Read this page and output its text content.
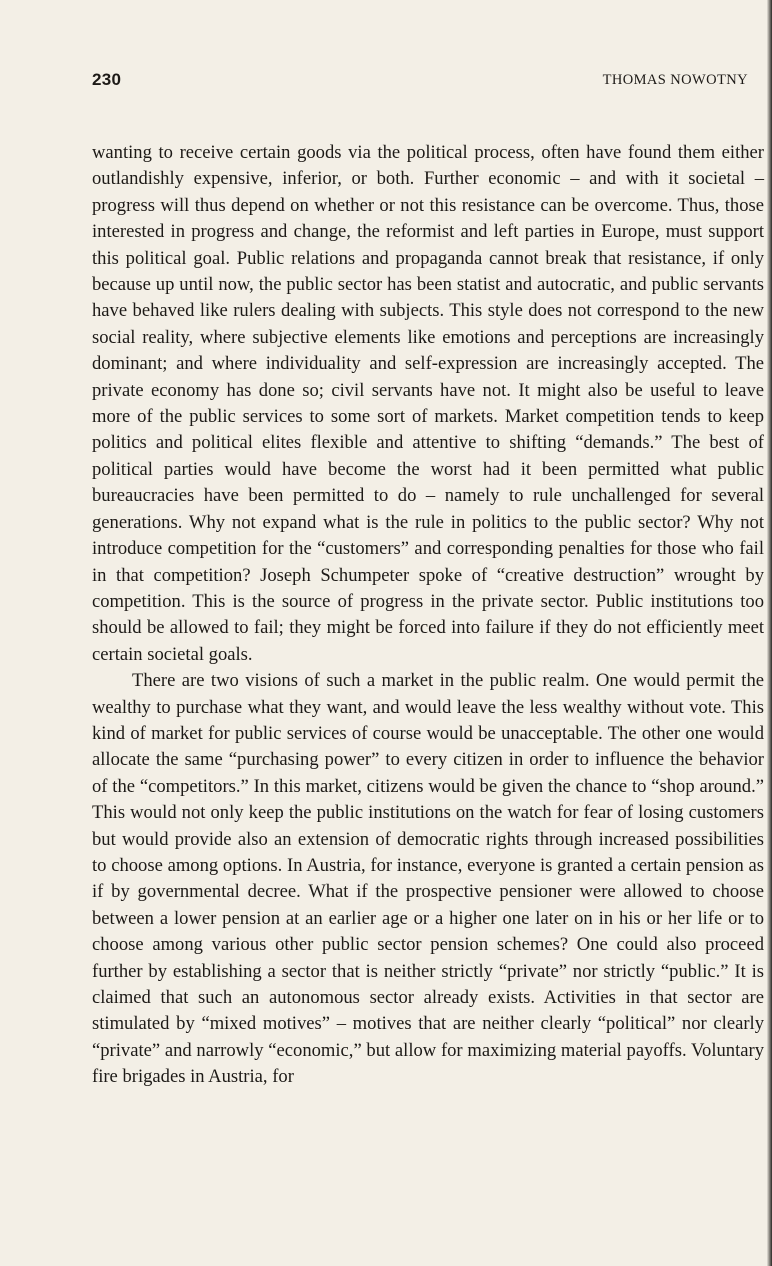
230	THOMAS NOWOTNY

wanting to receive certain goods via the political process, often have found them either outlandishly expensive, inferior, or both. Further economic – and with it societal – progress will thus depend on whether or not this resistance can be overcome. Thus, those interested in progress and change, the reformist and left parties in Europe, must support this political goal. Public relations and propaganda cannot break that resistance, if only because up until now, the public sector has been statist and autocratic, and public servants have behaved like rulers dealing with subjects. This style does not correspond to the new social reality, where subjective elements like emotions and perceptions are increasingly dominant; and where individuality and self-expression are increasingly accepted. The private economy has done so; civil servants have not. It might also be useful to leave more of the public services to some sort of markets. Market competition tends to keep politics and political elites flexible and attentive to shifting “demands.” The best of political parties would have become the worst had it been permitted what public bureaucracies have been permitted to do – namely to rule unchallenged for several generations. Why not expand what is the rule in politics to the public sector? Why not introduce competition for the “customers” and corresponding penalties for those who fail in that competition? Joseph Schumpeter spoke of “creative destruction” wrought by competition. This is the source of progress in the private sector. Public institutions too should be allowed to fail; they might be forced into failure if they do not efficiently meet certain societal goals.

There are two visions of such a market in the public realm. One would permit the wealthy to purchase what they want, and would leave the less wealthy without vote. This kind of market for public services of course would be unacceptable. The other one would allocate the same “purchasing power” to every citizen in order to influence the behavior of the “competitors.” In this market, citizens would be given the chance to “shop around.” This would not only keep the public institutions on the watch for fear of losing customers but would provide also an extension of democratic rights through increased possibilities to choose among options. In Austria, for instance, everyone is granted a certain pension as if by governmental decree. What if the prospective pensioner were allowed to choose between a lower pension at an earlier age or a higher one later on in his or her life or to choose among various other public sector pension schemes? One could also proceed further by establishing a sector that is neither strictly “private” nor strictly “public.” It is claimed that such an autonomous sector already exists. Activities in that sector are stimulated by “mixed motives” – motives that are neither clearly “political” nor clearly “private” and narrowly “economic,” but allow for maximizing material payoffs. Voluntary fire brigades in Austria, for
